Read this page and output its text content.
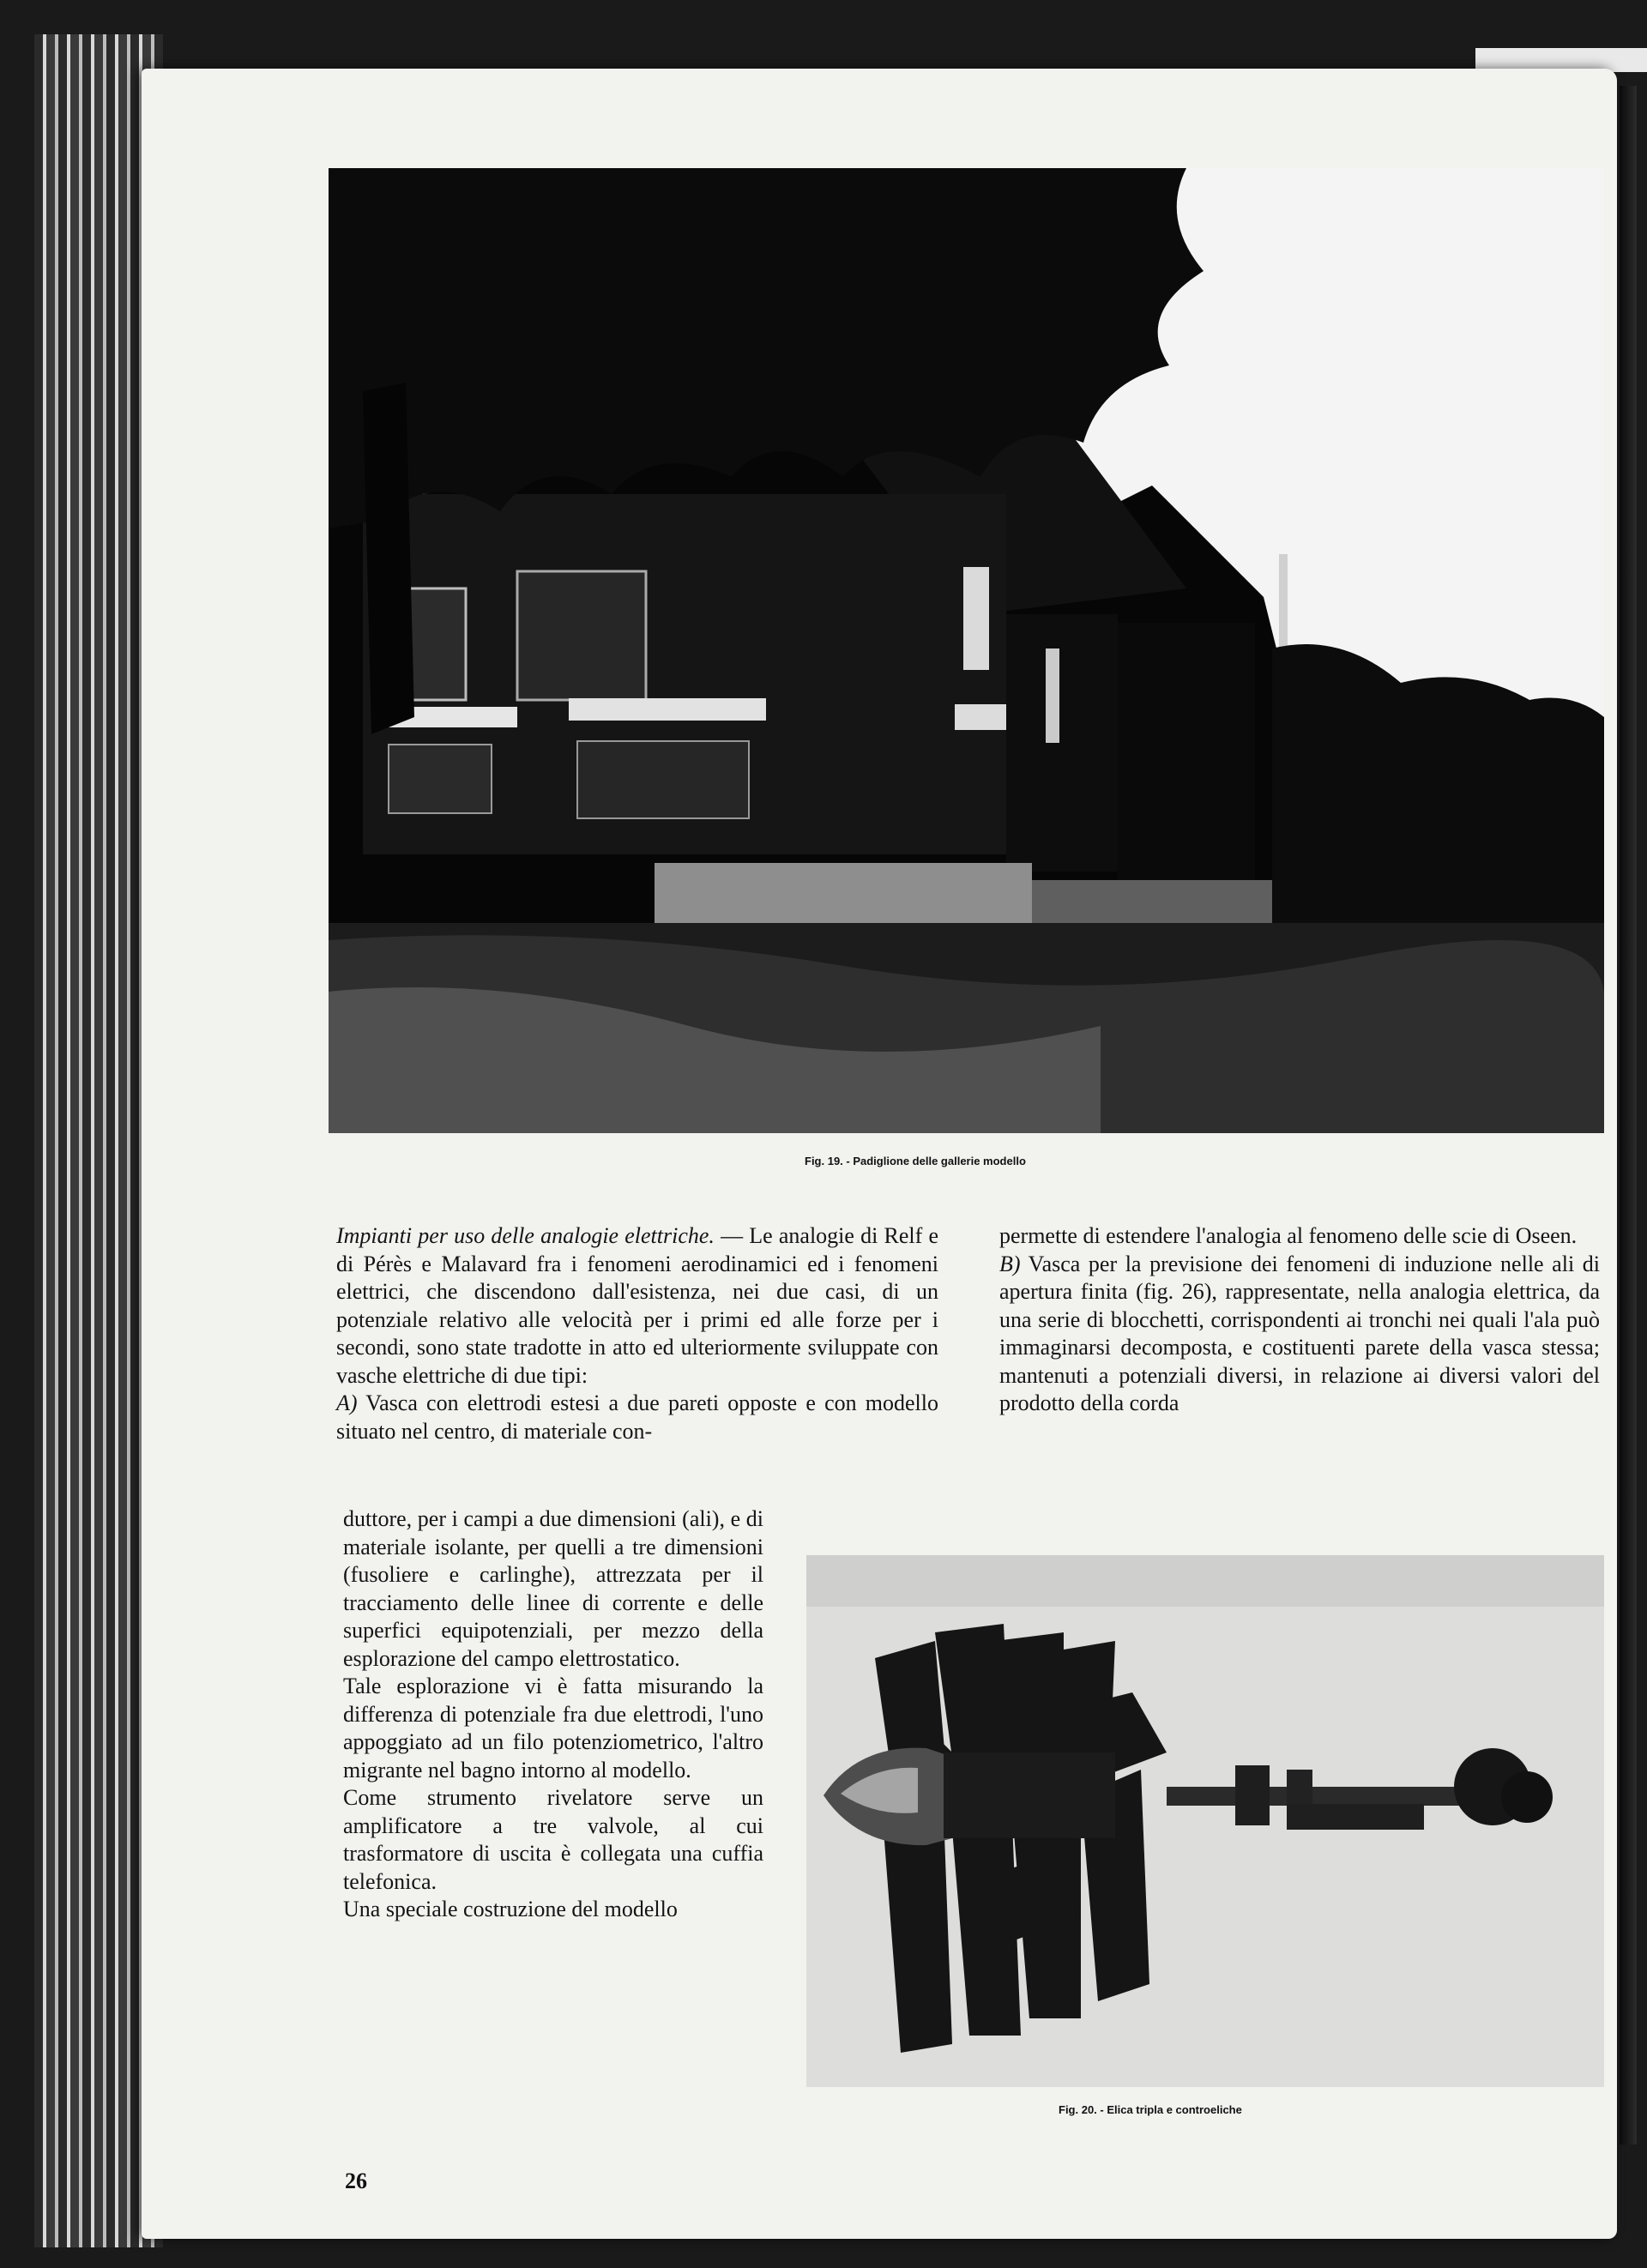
Fig. 19. - Padiglione delle gallerie modello

Impianti per uso delle analogie elettriche. — Le analogie di Relf e di Pérès e Malavard fra i fenomeni aerodinamici ed i fenomeni elettrici, che discendono dall'esistenza, nei due casi, di un potenziale relativo alle velocità per i primi ed alle forze per i secondi, sono state tradotte in atto ed ulteriormente sviluppate con vasche elettriche di due tipi:

A) Vasca con elettrodi estesi a due pareti opposte e con modello situato nel centro, di materiale con-

duttore, per i campi a due dimensioni (ali), e di materiale isolante, per quelli a tre dimensioni (fusoliere e carlinghe), attrezzata per il tracciamento delle linee di corrente e delle superfici equipotenziali, per mezzo della esplorazione del campo elettrostatico.

Tale esplorazione vi è fatta misurando la differenza di potenziale fra due elettrodi, l'uno appoggiato ad un filo potenziometrico, l'altro migrante nel bagno intorno al modello.

Come strumento rivelatore serve un amplificatore a tre valvole, al cui trasformatore di uscita è collegata una cuffia telefonica.

Una speciale costruzione del modello

permette di estendere l'analogia al fenomeno delle scie di Oseen.

B) Vasca per la previsione dei fenomeni di induzione nelle ali di apertura finita (fig. 26), rappresentate, nella analogia elettrica, da una serie di blocchetti, corrispondenti ai tronchi nei quali l'ala può immaginarsi decomposta, e costituenti parete della vasca stessa; mantenuti a potenziali diversi, in relazione ai diversi valori del prodotto della corda

Fig. 20. - Elica tripla e controeliche
26
